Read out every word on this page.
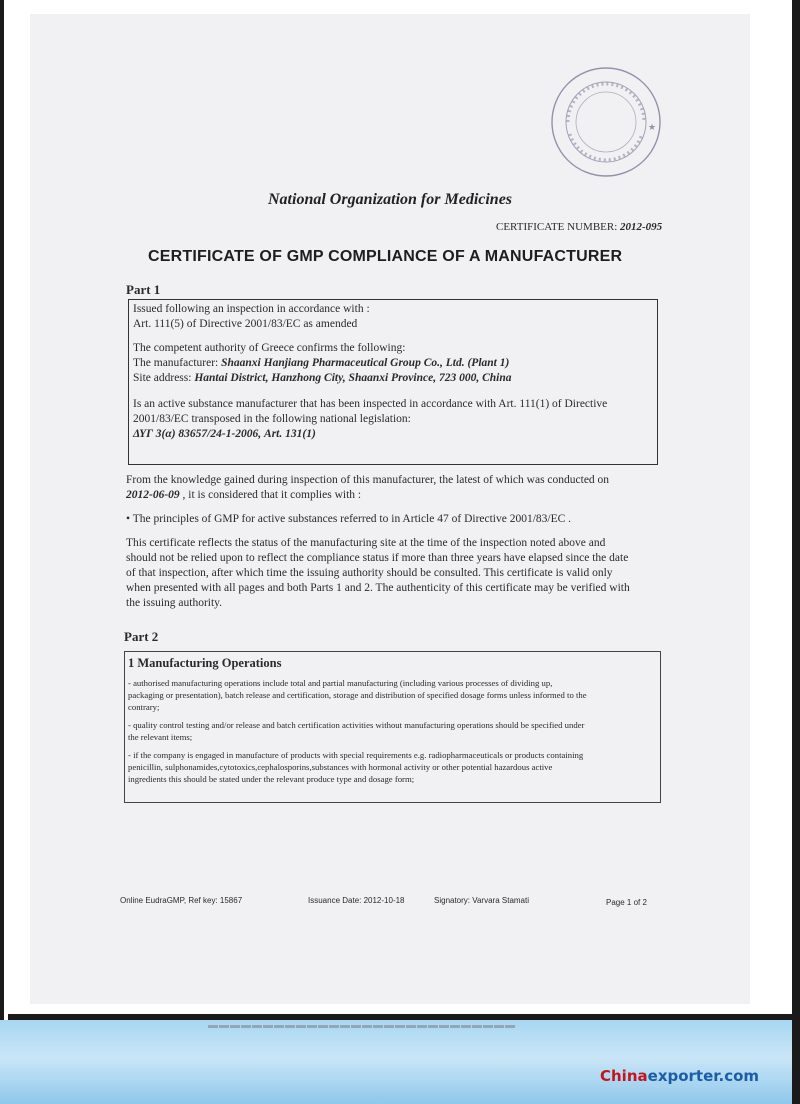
★
National Organization for Medicines
CERTIFICATE NUMBER: 2012-095
CERTIFICATE OF GMP COMPLIANCE OF A MANUFACTURER
Part 1
Issued following an inspection in accordance with :
Art. 111(5) of Directive 2001/83/EC as amended
The competent authority of Greece confirms the following:
The manufacturer: Shaanxi Hanjiang Pharmaceutical Group Co., Ltd. (Plant 1)
Site address: Hantai District, Hanzhong City, Shaanxi Province, 723 000, China
Is an active substance manufacturer that has been inspected in accordance with Art. 111(1) of Directive
2001/83/EC transposed in the following national legislation:
ΔΥΓ 3(α) 83657/24-1-2006, Art. 131(1)
From the knowledge gained during inspection of this manufacturer, the latest of which was conducted on
2012-06-09 , it is considered that it complies with :
• The principles of GMP for active substances referred to in Article 47 of Directive 2001/83/EC .
This certificate reflects the status of the manufacturing site at the time of the inspection noted above and
should not be relied upon to reflect the compliance status if more than three years have elapsed since the date
of that inspection, after which time the issuing authority should be consulted. This certificate is valid only
when presented with all pages and both Parts 1 and 2. The authenticity of this certificate may be verified with
the issuing authority.
Part 2
1 Manufacturing Operations
- authorised manufacturing operations include total and partial manufacturing (including various processes of dividing up,
packaging or presentation), batch release and certification, storage and distribution of specified dosage forms unless informed to the
contrary;
- quality control testing and/or release and batch certification activities without manufacturing operations should be specified under
the relevant items;
- if the company is engaged in manufacture of products with special requirements e.g. radiopharmaceuticals or products containing
penicillin, sulphonamides,cytotoxics,cephalosporins,substances with hormonal activity or other potential hazardous active
ingredients this should be stated under the relevant produce type and dosage form;
Online EudraGMP, Ref key: 15867	Issuance Date: 2012-10-18	Signatory: Varvara Stamati	Page 1 of 2
▬▬▬▬▬▬▬▬▬▬▬▬▬▬▬▬▬▬▬▬▬▬▬▬▬▬▬▬
Chinaexporter.com
